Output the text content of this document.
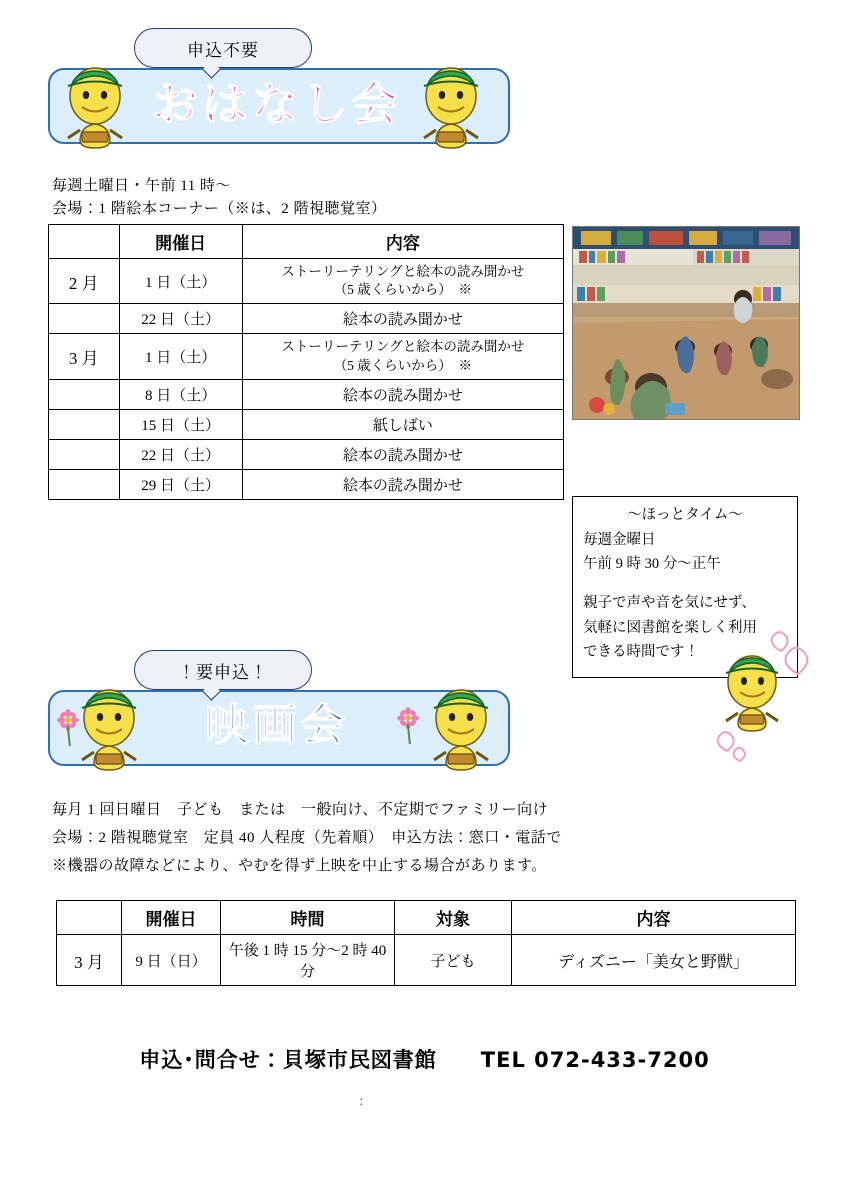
申込不要
おはなし会
毎週土曜日・午前 11 時～
会場：1 階絵本コーナー（※は、2 階視聴覚室）
	開催日	内容
2 月	1 日（土）	ストーリーテリングと絵本の読み聞かせ
（5 歳くらいから）　※

	22 日（土）	絵本の読み聞かせ
3 月	1 日（土）	ストーリーテリングと絵本の読み聞かせ
（5 歳くらいから）　※

	8 日（土）	絵本の読み聞かせ
	15 日（土）	紙しばい
	22 日（土）	絵本の読み聞かせ
	29 日（土）	絵本の読み聞かせ
～ほっとタイム～
毎週金曜日
午前 9 時 30 分～正午
親子で声や音を気にせず、
気軽に図書館を楽しく利用
できる時間です！
！要申込！
映画会
毎月 1 回日曜日　子ども　または　一般向け、不定期でファミリー向け
会場：2 階視聴覚室　定員 40 人程度（先着順）　申込方法：窓口・電話で
※機器の故障などにより、やむを得ず上映を中止する場合があります。
	開催日	時間	対象	内容
3 月	9 日（日）	午後 1 時 15 分～2 時 40 分	子ども	ディズニー「美女と野獣」
申込･問合せ：貝塚市民図書館　　TEL 072-433-7200
：
